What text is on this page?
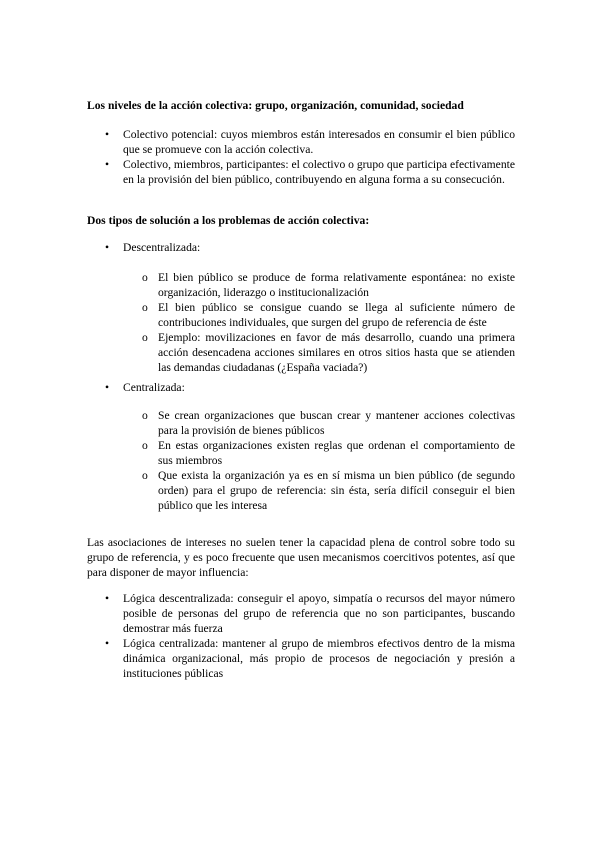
Los niveles de la acción colectiva: grupo, organización, comunidad, sociedad
• Colectivo potencial: cuyos miembros están interesados en consumir el bien público que se promueve con la acción colectiva.
• Colectivo, miembros, participantes: el colectivo o grupo que participa efectivamente en la provisión del bien público, contribuyendo en alguna forma a su consecución.
Dos tipos de solución a los problemas de acción colectiva:
• Descentralizada:
o El bien público se produce de forma relativamente espontánea: no existe organización, liderazgo o institucionalización
o El bien público se consigue cuando se llega al suficiente número de contribuciones individuales, que surgen del grupo de referencia de éste
o Ejemplo: movilizaciones en favor de más desarrollo, cuando una primera acción desencadena acciones similares en otros sitios hasta que se atienden las demandas ciudadanas (¿España vaciada?)
• Centralizada:
o Se crean organizaciones que buscan crear y mantener acciones colectivas para la provisión de bienes públicos
o En estas organizaciones existen reglas que ordenan el comportamiento de sus miembros
o Que exista la organización ya es en sí misma un bien público (de segundo orden) para el grupo de referencia: sin ésta, sería difícil conseguir el bien público que les interesa
Las asociaciones de intereses no suelen tener la capacidad plena de control sobre todo su grupo de referencia, y es poco frecuente que usen mecanismos coercitivos potentes, así que para disponer de mayor influencia:
• Lógica descentralizada: conseguir el apoyo, simpatía o recursos del mayor número posible de personas del grupo de referencia que no son participantes, buscando demostrar más fuerza
• Lógica centralizada: mantener al grupo de miembros efectivos dentro de la misma dinámica organizacional, más propio de procesos de negociación y presión a instituciones públicas
